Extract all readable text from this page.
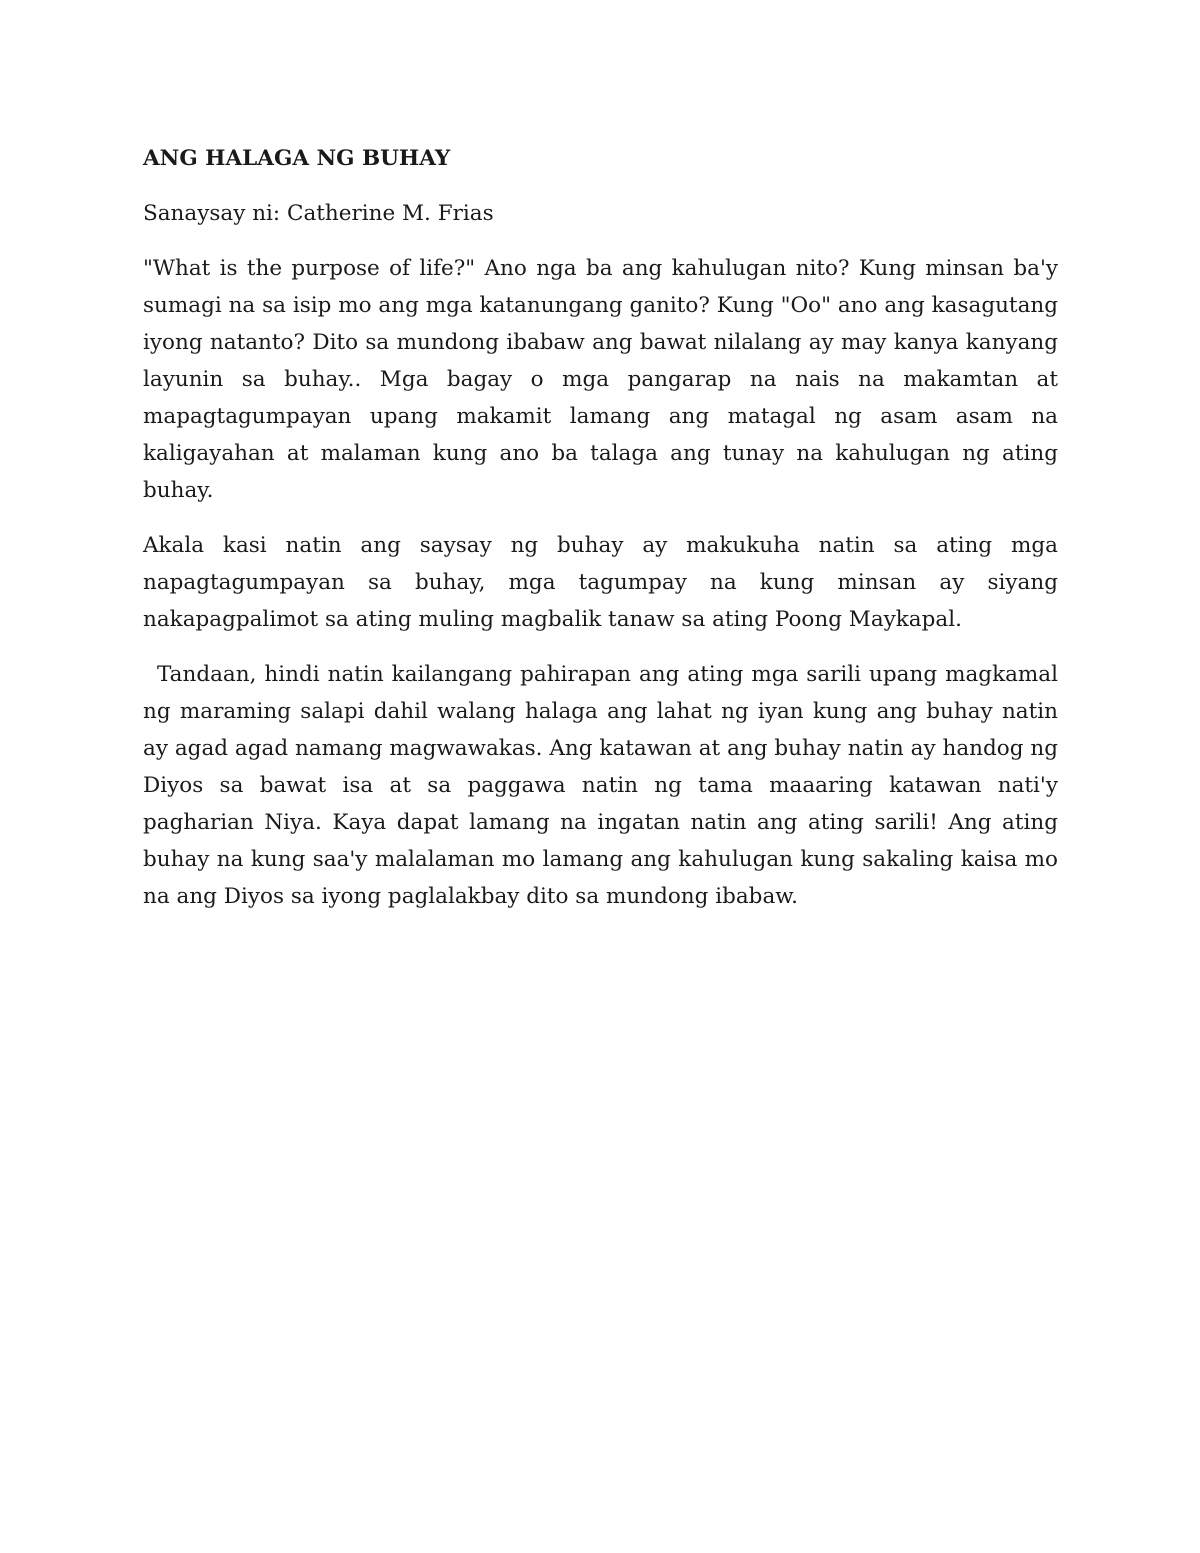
ANG HALAGA NG BUHAY
Sanaysay ni: Catherine M. Frias

"What is the purpose of life?" Ano nga ba ang kahulugan nito? Kung minsan ba'y sumagi na sa isip mo ang mga katanungang ganito? Kung "Oo" ano ang kasagutang iyong natanto? Dito sa mundong ibabaw ang bawat nilalang ay may kanya kanyang layunin sa buhay.. Mga bagay o mga pangarap na nais na makamtan at mapagtagumpayan upang makamit lamang ang matagal ng asam asam na kaligayahan at malaman kung ano ba talaga ang tunay na kahulugan ng ating buhay.

Akala kasi natin ang saysay ng buhay ay makukuha natin sa ating mga napagtagumpayan sa buhay, mga tagumpay na kung minsan ay siyang nakapagpalimot sa ating muling magbalik tanaw sa ating Poong Maykapal.

Tandaan, hindi natin kailangang pahirapan ang ating mga sarili upang magkamal ng maraming salapi dahil walang halaga ang lahat ng iyan kung ang buhay natin ay agad agad namang magwawakas. Ang katawan at ang buhay natin ay handog ng Diyos sa bawat isa at sa paggawa natin ng tama maaaring katawan nati'y pagharian Niya. Kaya dapat lamang na ingatan natin ang ating sarili! Ang ating buhay na kung saa'y malalaman mo lamang ang kahulugan kung sakaling kaisa mo na ang Diyos sa iyong paglalakbay dito sa mundong ibabaw.
